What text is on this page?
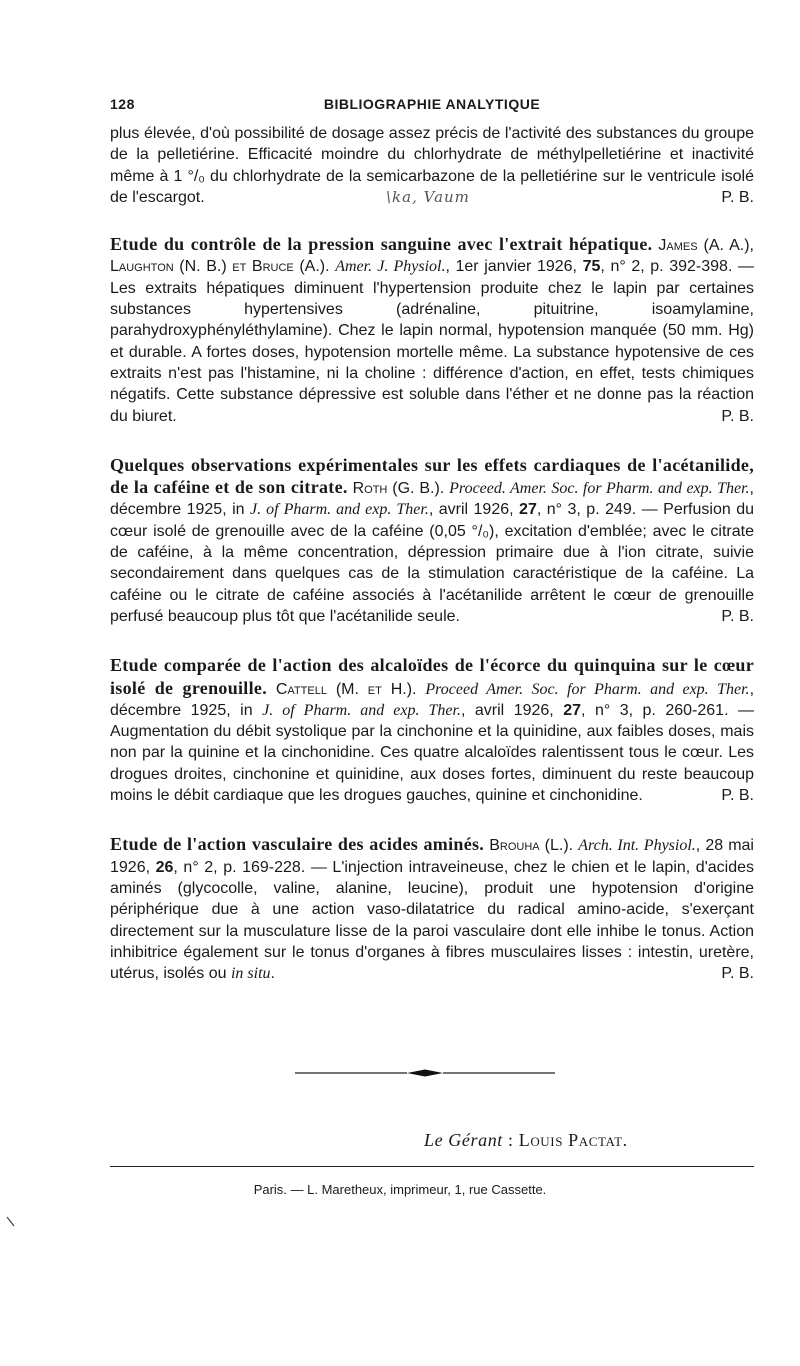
128	BIBLIOGRAPHIE ANALYTIQUE

plus élevée, d'où possibilité de dosage assez précis de l'activité des substances du groupe de la pelletiérine. Efficacité moindre du chlorhydrate de méthylpelletiérine et inactivité même à 1 °/₀ du chlorhydrate de la semicarbazone de la pelletiérine sur le ventricule isolé de l'escargot.	P. B.

Etude du contrôle de la pression sanguine avec l'extrait hépatique. James (A. A.), Laughton (N. B.) et Bruce (A.). Amer. J. Physiol., 1er janvier 1926, 75, n° 2, p. 392-398. — Les extraits hépatiques diminuent l'hypertension produite chez le lapin par certaines substances hypertensives (adrénaline, pituitrine, isoamylamine, parahydroxyphényléthylamine). Chez le lapin normal, hypotension manquée (50 mm. Hg) et durable. A fortes doses, hypotension mortelle même. La substance hypotensive de ces extraits n'est pas l'histamine, ni la choline : différence d'action, en effet, tests chimiques négatifs. Cette substance dépressive est soluble dans l'éther et ne donne pas la réaction du biuret.	P. B.

Quelques observations expérimentales sur les effets cardiaques de l'acétanilide, de la caféine et de son citrate. Roth (G. B.). Proceed. Amer. Soc. for Pharm. and exp. Ther., décembre 1925, in J. of Pharm. and exp. Ther., avril 1926, 27, n° 3, p. 249. — Perfusion du cœur isolé de grenouille avec de la caféine (0,05 °/₀), excitation d'emblée; avec le citrate de caféine, à la même concentration, dépression primaire due à l'ion citrate, suivie secondairement dans quelques cas de la stimulation caractéristique de la caféine. La caféine ou le citrate de caféine associés à l'acétanilide arrêtent le cœur de grenouille perfusé beaucoup plus tôt que l'acétanilide seule.	P. B.

Etude comparée de l'action des alcaloïdes de l'écorce du quinquina sur le cœur isolé de grenouille. Cattell (M. et H.). Proceed Amer. Soc. for Pharm. and exp. Ther., décembre 1925, in J. of Pharm. and exp. Ther., avril 1926, 27, n° 3, p. 260-261. — Augmentation du débit systolique par la cinchonine et la quinidine, aux faibles doses, mais non par la quinine et la cinchonidine. Ces quatre alcaloïdes ralentissent tous le cœur. Les drogues droites, cinchonine et quinidine, aux doses fortes, diminuent du reste beaucoup moins le débit cardiaque que les drogues gauches, quinine et cinchonidine.	P. B.

Etude de l'action vasculaire des acides aminés. Brouha (L.). Arch. Int. Physiol., 28 mai 1926, 26, n° 2, p. 169-228. — L'injection intraveineuse, chez le chien et le lapin, d'acides aminés (glycocolle, valine, alanine, leucine), produit une hypotension d'origine périphérique due à une action vaso-dilatatrice du radical amino-acide, s'exerçant directement sur la musculature lisse de la paroi vasculaire dont elle inhibe le tonus. Action inhibitrice également sur le tonus d'organes à fibres musculaires lisses : intestin, uretère, utérus, isolés ou in situ.	P. B.

\ka, Vaum
Le Gérant : Louis Pactat.
Paris. — L. Maretheux, imprimeur, 1, rue Cassette.
